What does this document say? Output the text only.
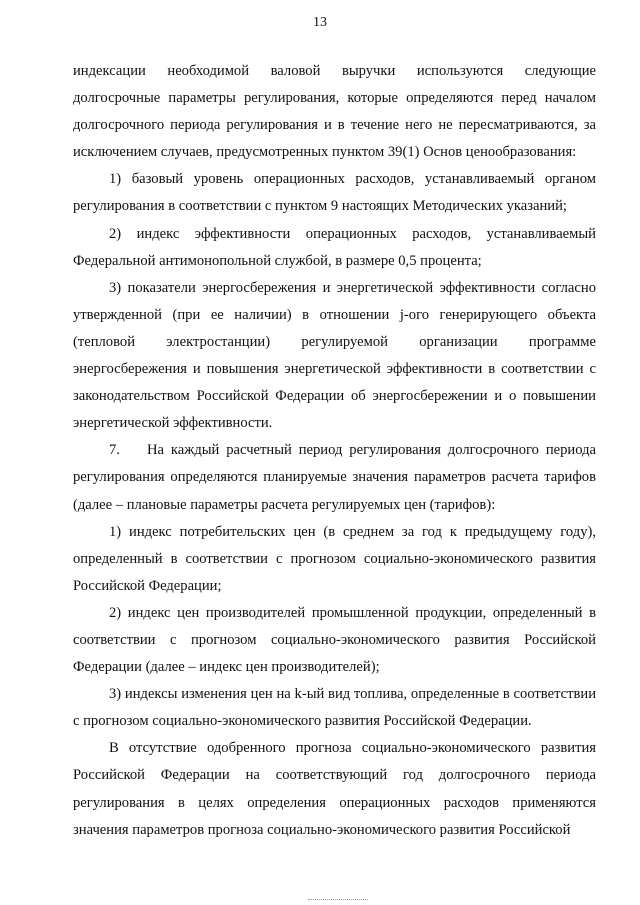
13

индексации необходимой валовой выручки используются следующие долгосрочные параметры регулирования, которые определяются перед началом долгосрочного периода регулирования и в течение него не пересматриваются, за исключением случаев, предусмотренных пунктом 39(1) Основ ценообразования:

1) базовый уровень операционных расходов, устанавливаемый органом регулирования в соответствии с пунктом 9 настоящих Методических указаний;

2) индекс эффективности операционных расходов, устанавливаемый Федеральной антимонопольной службой, в размере 0,5 процента;

3) показатели энергосбережения и энергетической эффективности согласно утвержденной (при ее наличии) в отношении j-ого генерирующего объекта (тепловой электростанции) регулируемой организации программе энергосбережения и повышения энергетической эффективности в соответствии с законодательством Российской Федерации об энергосбережении и о повышении энергетической эффективности.

7. На каждый расчетный период регулирования долгосрочного периода регулирования определяются планируемые значения параметров расчета тарифов (далее – плановые параметры расчета регулируемых цен (тарифов):

1) индекс потребительских цен (в среднем за год к предыдущему году), определенный в соответствии с прогнозом социально-экономического развития Российской Федерации;

2) индекс цен производителей промышленной продукции, определенный в соответствии с прогнозом социально-экономического развития Российской Федерации (далее – индекс цен производителей);

3) индексы изменения цен на k-ый вид топлива, определенные в соответствии с прогнозом социально-экономического развития Российской Федерации.

В отсутствие одобренного прогноза социально-экономического развития Российской Федерации на соответствующий год долгосрочного периода регулирования в целях определения операционных расходов применяются значения параметров прогноза социально-экономического развития Российской
